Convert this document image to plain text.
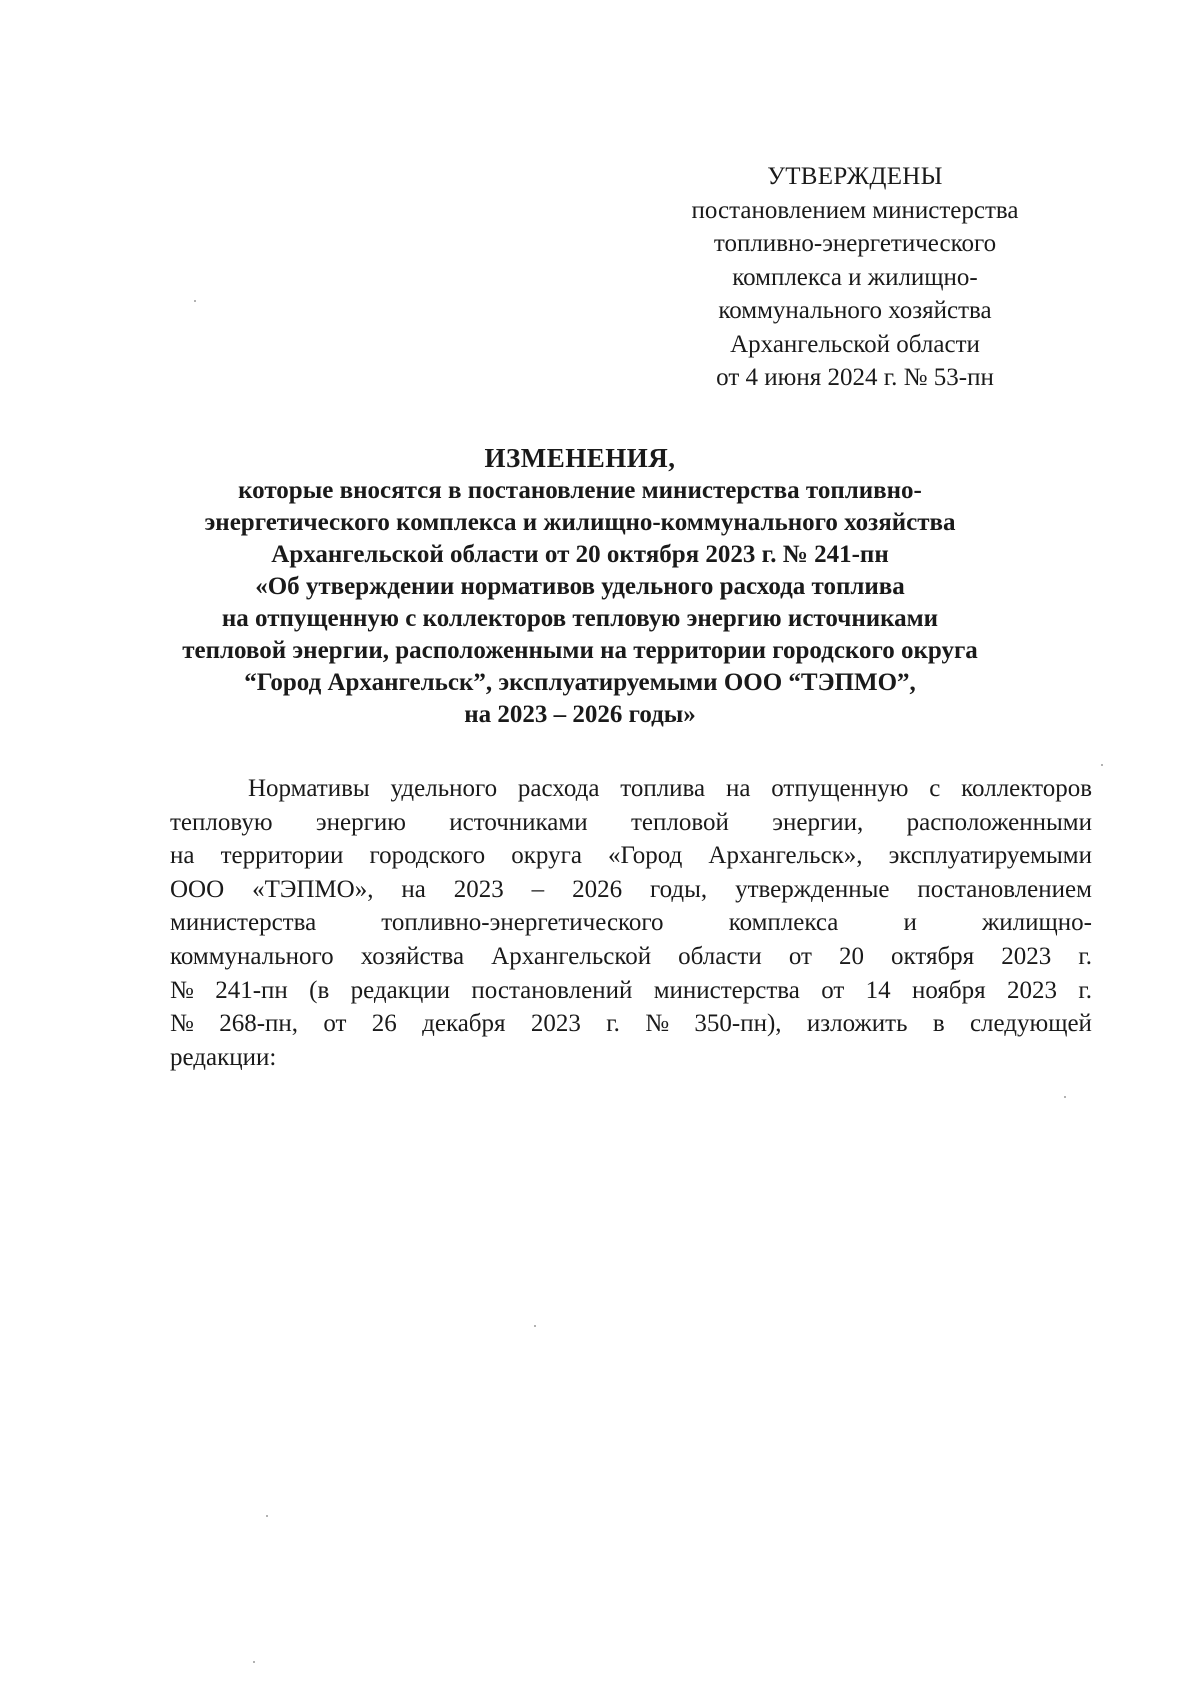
УТВЕРЖДЕНЫ
постановлением министерства
топливно-энергетического
комплекса и жилищно-
коммунального хозяйства
Архангельской области
от 4 июня 2024 г. № 53-пн
ИЗМЕНЕНИЯ,
которые вносятся в постановление министерства топливно-
энергетического комплекса и жилищно-коммунального хозяйства
Архангельской области от 20 октября 2023 г. № 241-пн
«Об утверждении нормативов удельного расхода топлива
на отпущенную с коллекторов тепловую энергию источниками
тепловой энергии, расположенными на территории городского округа
“Город Архангельск”, эксплуатируемыми ООО “ТЭПМО”,
на 2023 – 2026 годы»
Нормативы удельного расхода топлива на отпущенную с коллекторов
тепловую энергию источниками тепловой энергии, расположенными
на территории городского округа «Город Архангельск», эксплуатируемыми
ООО «ТЭПМО», на 2023 – 2026 годы, утвержденные постановлением
министерства	топливно-энергетического	комплекса	и	жилищно-
коммунального хозяйства Архангельской области от 20 октября 2023 г.
№ 241-пн (в редакции постановлений министерства от 14 ноября 2023 г.
№ 268-пн, от 26 декабря 2023 г. № 350-пн), изложить в следующей
редакции:
